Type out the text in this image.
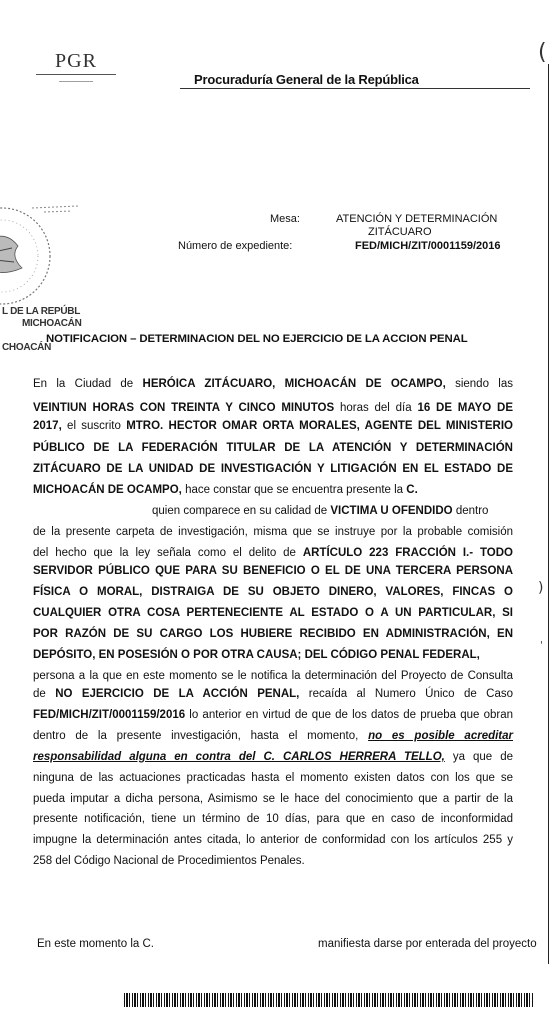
PGR
▁▁▁▁▁▁▁▁▁▁▁	Procuraduría General de la República
(
)
'
L DE LA REPÚBL
MICHOACÁN
CHOACÁN
Mesa:	ATENCIÓN Y DETERMINACIÓN
ZITÁCUARO
Número de expediente:	FED/MICH/ZIT/0001159/2016
NOTIFICACION – DETERMINACION DEL NO EJERCICIO DE LA ACCION PENAL
En la Ciudad de HERÓICA ZITÁCUARO, MICHOACÁN DE OCAMPO, siendo las
VEINTIUN HORAS CON TREINTA Y CINCO MINUTOS horas del día 16 DE MAYO DE
2017, el suscrito MTRO. HECTOR OMAR ORTA MORALES, AGENTE DEL MINISTERIO
PÚBLICO DE LA FEDERACIÓN TITULAR DE LA ATENCIÓN Y DETERMINACIÓN
ZITÁCUARO DE LA UNIDAD DE INVESTIGACIÓN Y LITIGACIÓN EN EL ESTADO DE
MICHOACÁN DE OCAMPO, hace constar que se encuentra presente la C.
quien comparece en su calidad de VICTIMA U OFENDIDO dentro
de la presente carpeta de investigación, misma que se instruye por la probable comisión
del hecho que la ley señala como el delito de ARTÍCULO 223 FRACCIÓN I.- TODO
SERVIDOR PÚBLICO QUE PARA SU BENEFICIO O EL DE UNA TERCERA PERSONA
FÍSICA O MORAL, DISTRAIGA DE SU OBJETO DINERO, VALORES, FINCAS O
CUALQUIER OTRA COSA PERTENECIENTE AL ESTADO O A UN PARTICULAR, SI
POR RAZÓN DE SU CARGO LOS HUBIERE RECIBIDO EN ADMINISTRACIÓN, EN
DEPÓSITO, EN POSESIÓN O POR OTRA CAUSA; DEL CÓDIGO PENAL FEDERAL,
persona a la que en este momento se le notifica la determinación del Proyecto de Consulta
de NO EJERCICIO DE LA ACCIÓN PENAL, recaída al Numero Único de Caso
FED/MICH/ZIT/0001159/2016 lo anterior en virtud de que de los datos de prueba que obran
dentro de la presente investigación, hasta el momento, no es posible acreditar
responsabilidad alguna en contra del C. CARLOS HERRERA TELLO, ya que de
ninguna de las actuaciones practicadas hasta el momento existen datos con los que se
pueda imputar a dicha persona, Asimismo se le hace del conocimiento que a partir de la
presente notificación, tiene un término de 10 días, para que en caso de inconformidad
impugne la determinación antes citada, lo anterior de conformidad con los artículos 255 y
258 del Código Nacional de Procedimientos Penales.
En este momento la C.	manifiesta darse por enterada del proyecto
